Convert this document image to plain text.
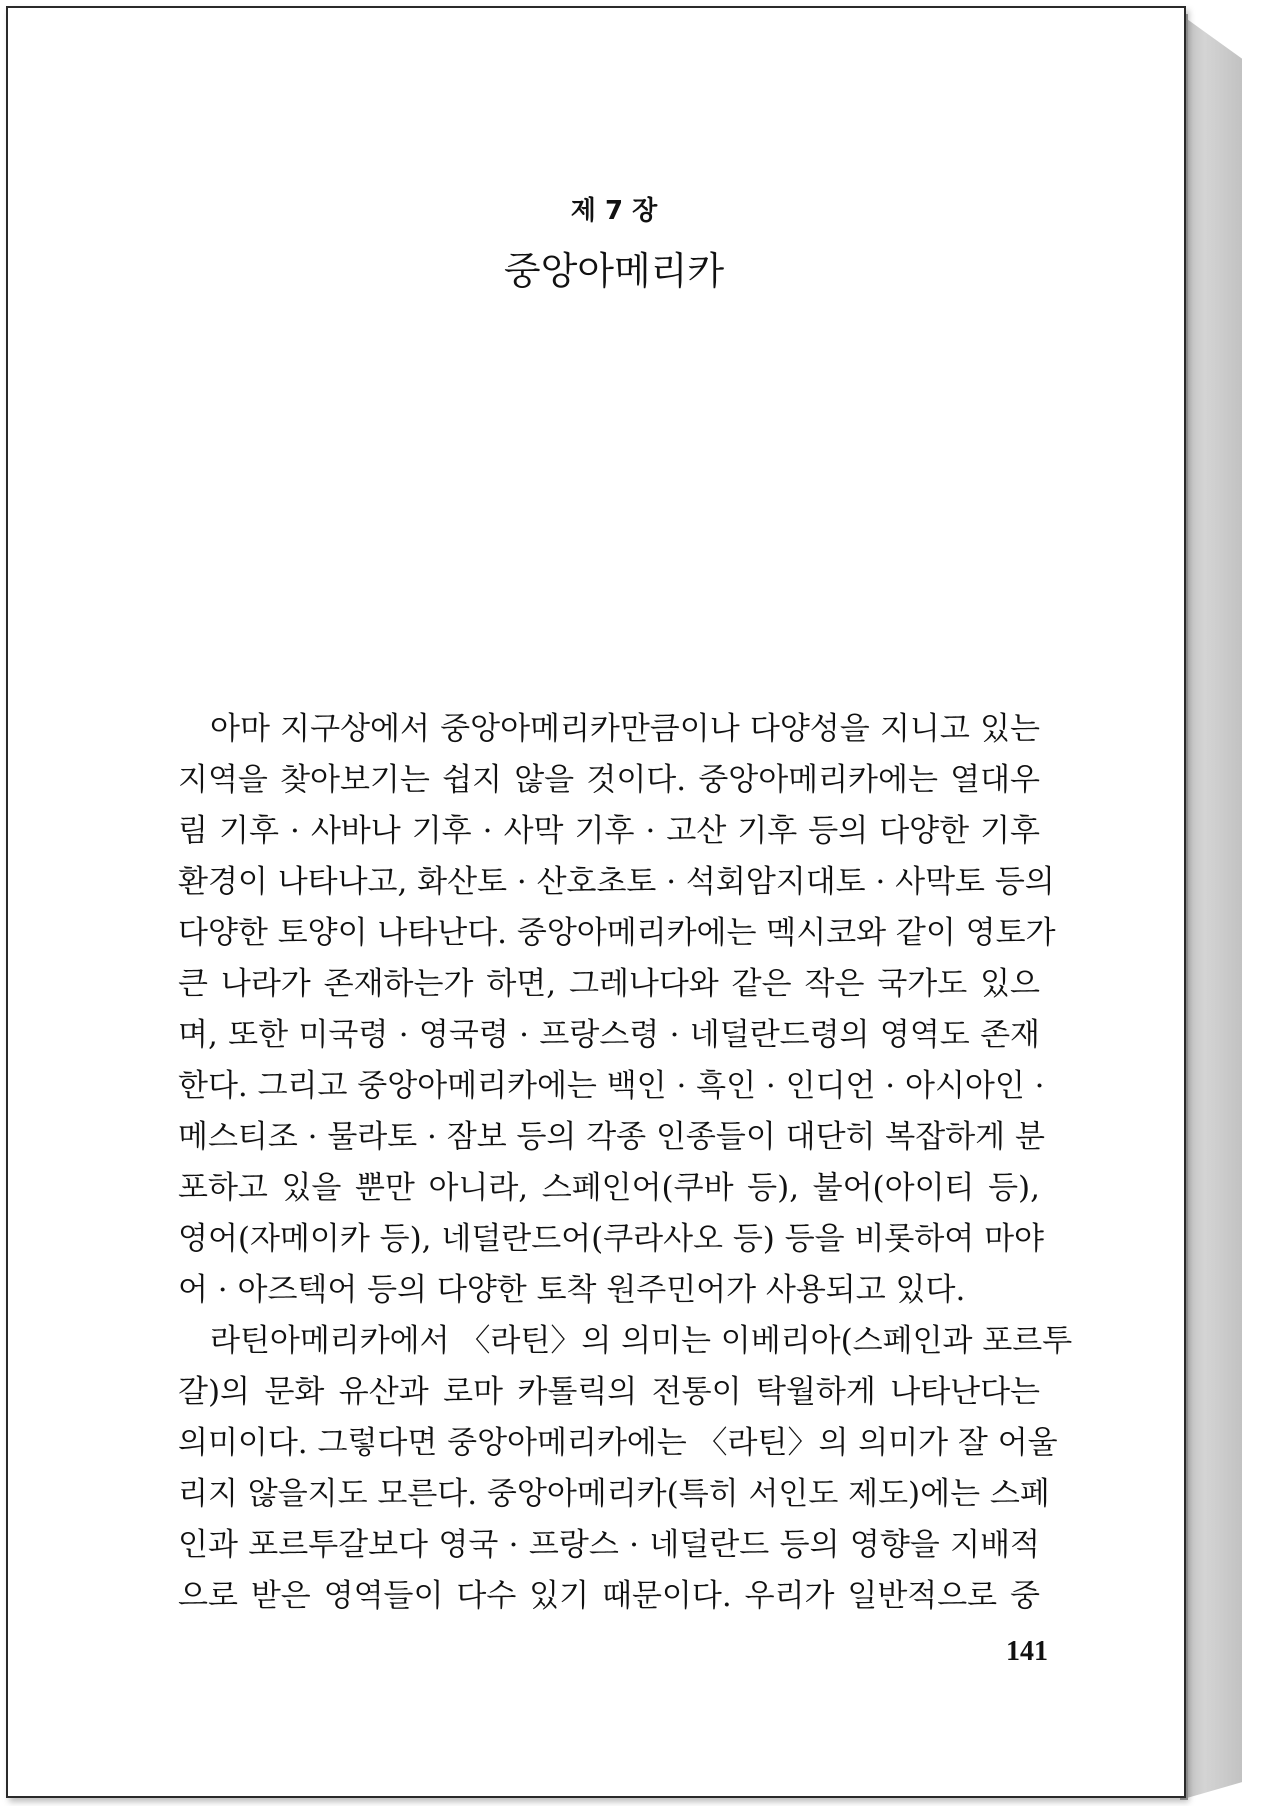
제 7 장
중앙아메리카
아마 지구상에서 중앙아메리카만큼이나 다양성을 지니고 있는
지역을 찾아보기는 쉽지 않을 것이다. 중앙아메리카에는 열대우
림 기후 · 사바나 기후 · 사막 기후 · 고산 기후 등의 다양한 기후
환경이 나타나고, 화산토 · 산호초토 · 석회암지대토 · 사막토 등의
다양한 토양이 나타난다. 중앙아메리카에는 멕시코와 같이 영토가
큰 나라가 존재하는가 하면, 그레나다와 같은 작은 국가도 있으
며, 또한 미국령 · 영국령 · 프랑스령 · 네덜란드령의 영역도 존재
한다. 그리고 중앙아메리카에는 백인 · 흑인 · 인디언 · 아시아인 ·
메스티조 · 물라토 · 잠보 등의 각종 인종들이 대단히 복잡하게 분
포하고 있을 뿐만 아니라, 스페인어(쿠바 등), 불어(아이티 등),
영어(자메이카 등), 네덜란드어(쿠라사오 등) 등을 비롯하여 마야
어 · 아즈텍어 등의 다양한 토착 원주민어가 사용되고 있다.
라틴아메리카에서 〈라틴〉의 의미는 이베리아(스페인과 포르투
갈)의 문화 유산과 로마 카톨릭의 전통이 탁월하게 나타난다는
의미이다. 그렇다면 중앙아메리카에는 〈라틴〉의 의미가 잘 어울
리지 않을지도 모른다. 중앙아메리카(특히 서인도 제도)에는 스페
인과 포르투갈보다 영국 · 프랑스 · 네덜란드 등의 영향을 지배적
으로 받은 영역들이 다수 있기 때문이다. 우리가 일반적으로 중
141
